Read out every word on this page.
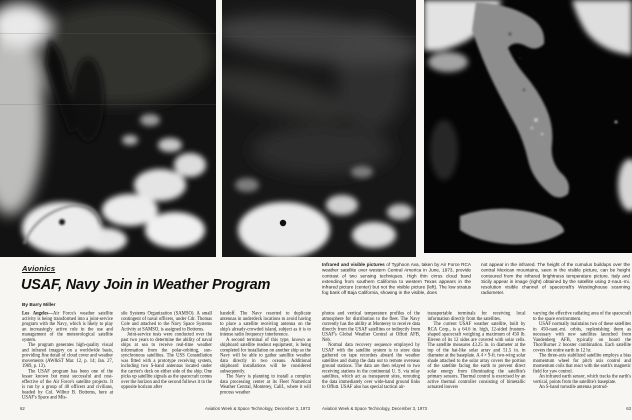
Infrared and visible pictures of Typhoon Ava, taken by Air Force RCA weather satellite over western Central America in June, 1973, provide contrast of two sensing techniques. High thin cirrus cloud band extending from southern California to western Texas appears in the infrared picture (center) but not the visible picture (left). The low stratus fog bank off Baja California, showing in the visible, does

not appear in the infrared. The height of the cumulus buildups over the central Mexican mountains, seen in the visible picture, can be height contoured from the infrared brightness temperature picture. Italy and Sicily appear in image (right) obtained by the satellite using 2-naut.-mi. resolution visible channel of spacecraft's Westinghouse scanning radiometer.

Avionics
USAF, Navy Join in Weather Program
By Barry Miller

Los Angeles—Air Force's weather satellite activity is being transformed into a joint-service program with the Navy, which is likely to play an increasingly active role in the use and management of the meteorological satellite system.

The program generates high-quality visual and infrared imagery on a worldwide basis, providing fine detail of cloud cover and weather movements (AW&ST Mar. 12, p. 14; Jan. 27, 1969, p. 13).

The USAF program has been one of the lesser known but most successful and cost-effective of the Air Force's satellite projects. It is run by a group of 40 officers and civilians, headed by Col. Wilbur B. Bottoms, here at USAF's Space and Mis-

sile Systems Organization (SAMSO). A small contingent of naval officers, under Cdr. Thomas Cole and attached to the Navy Space Systems Activity at SAMSO, is assigned to Bottoms.

Joint-service tests were conducted over the past two years to determine the ability of naval ships at sea to receive real-time weather information from the polar-orbiting, sun-synchronous satellites. The USS Constellation was fitted with a prototype receiving system, including two S-band antennas located under the carrier's deck on either side of the ship. One picks up satellite signals as the spacecraft comes over the horizon and the second follows it to the opposite horizon after

handoff. The Navy resorted to duplicate antennas in underdeck locations to avoid having to place a satellite receiving antenna on the ship's already-crowded island, subject as it is to intense radio frequency interference.

A second terminal of this type, known as shipboard satellite readout equipment, is being completed for installation on another ship so the Navy will be able to gather satellite weather data directly in two oceans. Additional shipboard installations will be considered subsequently.

The Navy is planning to install a complex data processing center at its Fleet Numerical Weather Central, Monterey, Calif., where it will process weather

photos and vertical temperature profiles of the atmosphere for distribution to the fleet. The Navy currently has the ability at Monterey to receive data directly from the USAF satellites or indirectly from USAF's Global Weather Central at Offutt AFB, Neb.

Normal data recovery sequence employed by USAF with the satellite system is to store data gathered on tape recorders aboard the weather satellites and dump the data out to remote overseas ground stations. The data are then relayed to two receiving stations in the continental U. S. via relay satellites, which act as transparent sites, rerouting the data immediately over wide-band ground links to Offutt. USAF also has special tactical air-

transportable terminals for receiving local information directly from the satellites.

The current USAF weather satellite, built by RCA Corp., is a 64.6 in. high, 12-sided frustum-shaped spacecraft weighing a maximum of 450 lb. Eleven of its 12 sides are covered with solar cells. The satellite measures 43.25 in. in diameter at the top of the hat-like solar array and 51.5 in. in diameter at the baseplate. A 4 × 9-ft. two-wing solar shade attached to the solar array covers the portion of the satellite facing the earth to prevent direct solar energy from illuminating the satellite's primary sensors. Thermal control is exercised by an active thermal controller consisting of bimetallic actuated louvers

varying the effective radiating area of the spacecraft to the space environment.

USAF normally maintains two of these satellites in 450-naut.-mi. orbits, replenishing them as necessary with new satellites launched from Vandenberg AFB, typically on board the Thor/Burner 2 booster combination. Each satellite covers the entire earth in 12 hr.

The three-axis stabilized satellite employs a bias momentum wheel for pitch axis control and momentum coils that react with the earth's magnetic field for yaw control.

An infrared earth sensor, which tracks the earth's vertical, points from the satellite's baseplate.

An S-band turnstile antenna protrud-

62	Aviation Week & Space Technology, December 3, 1973 Aviation Week & Space Technology, December 3, 1973	63
